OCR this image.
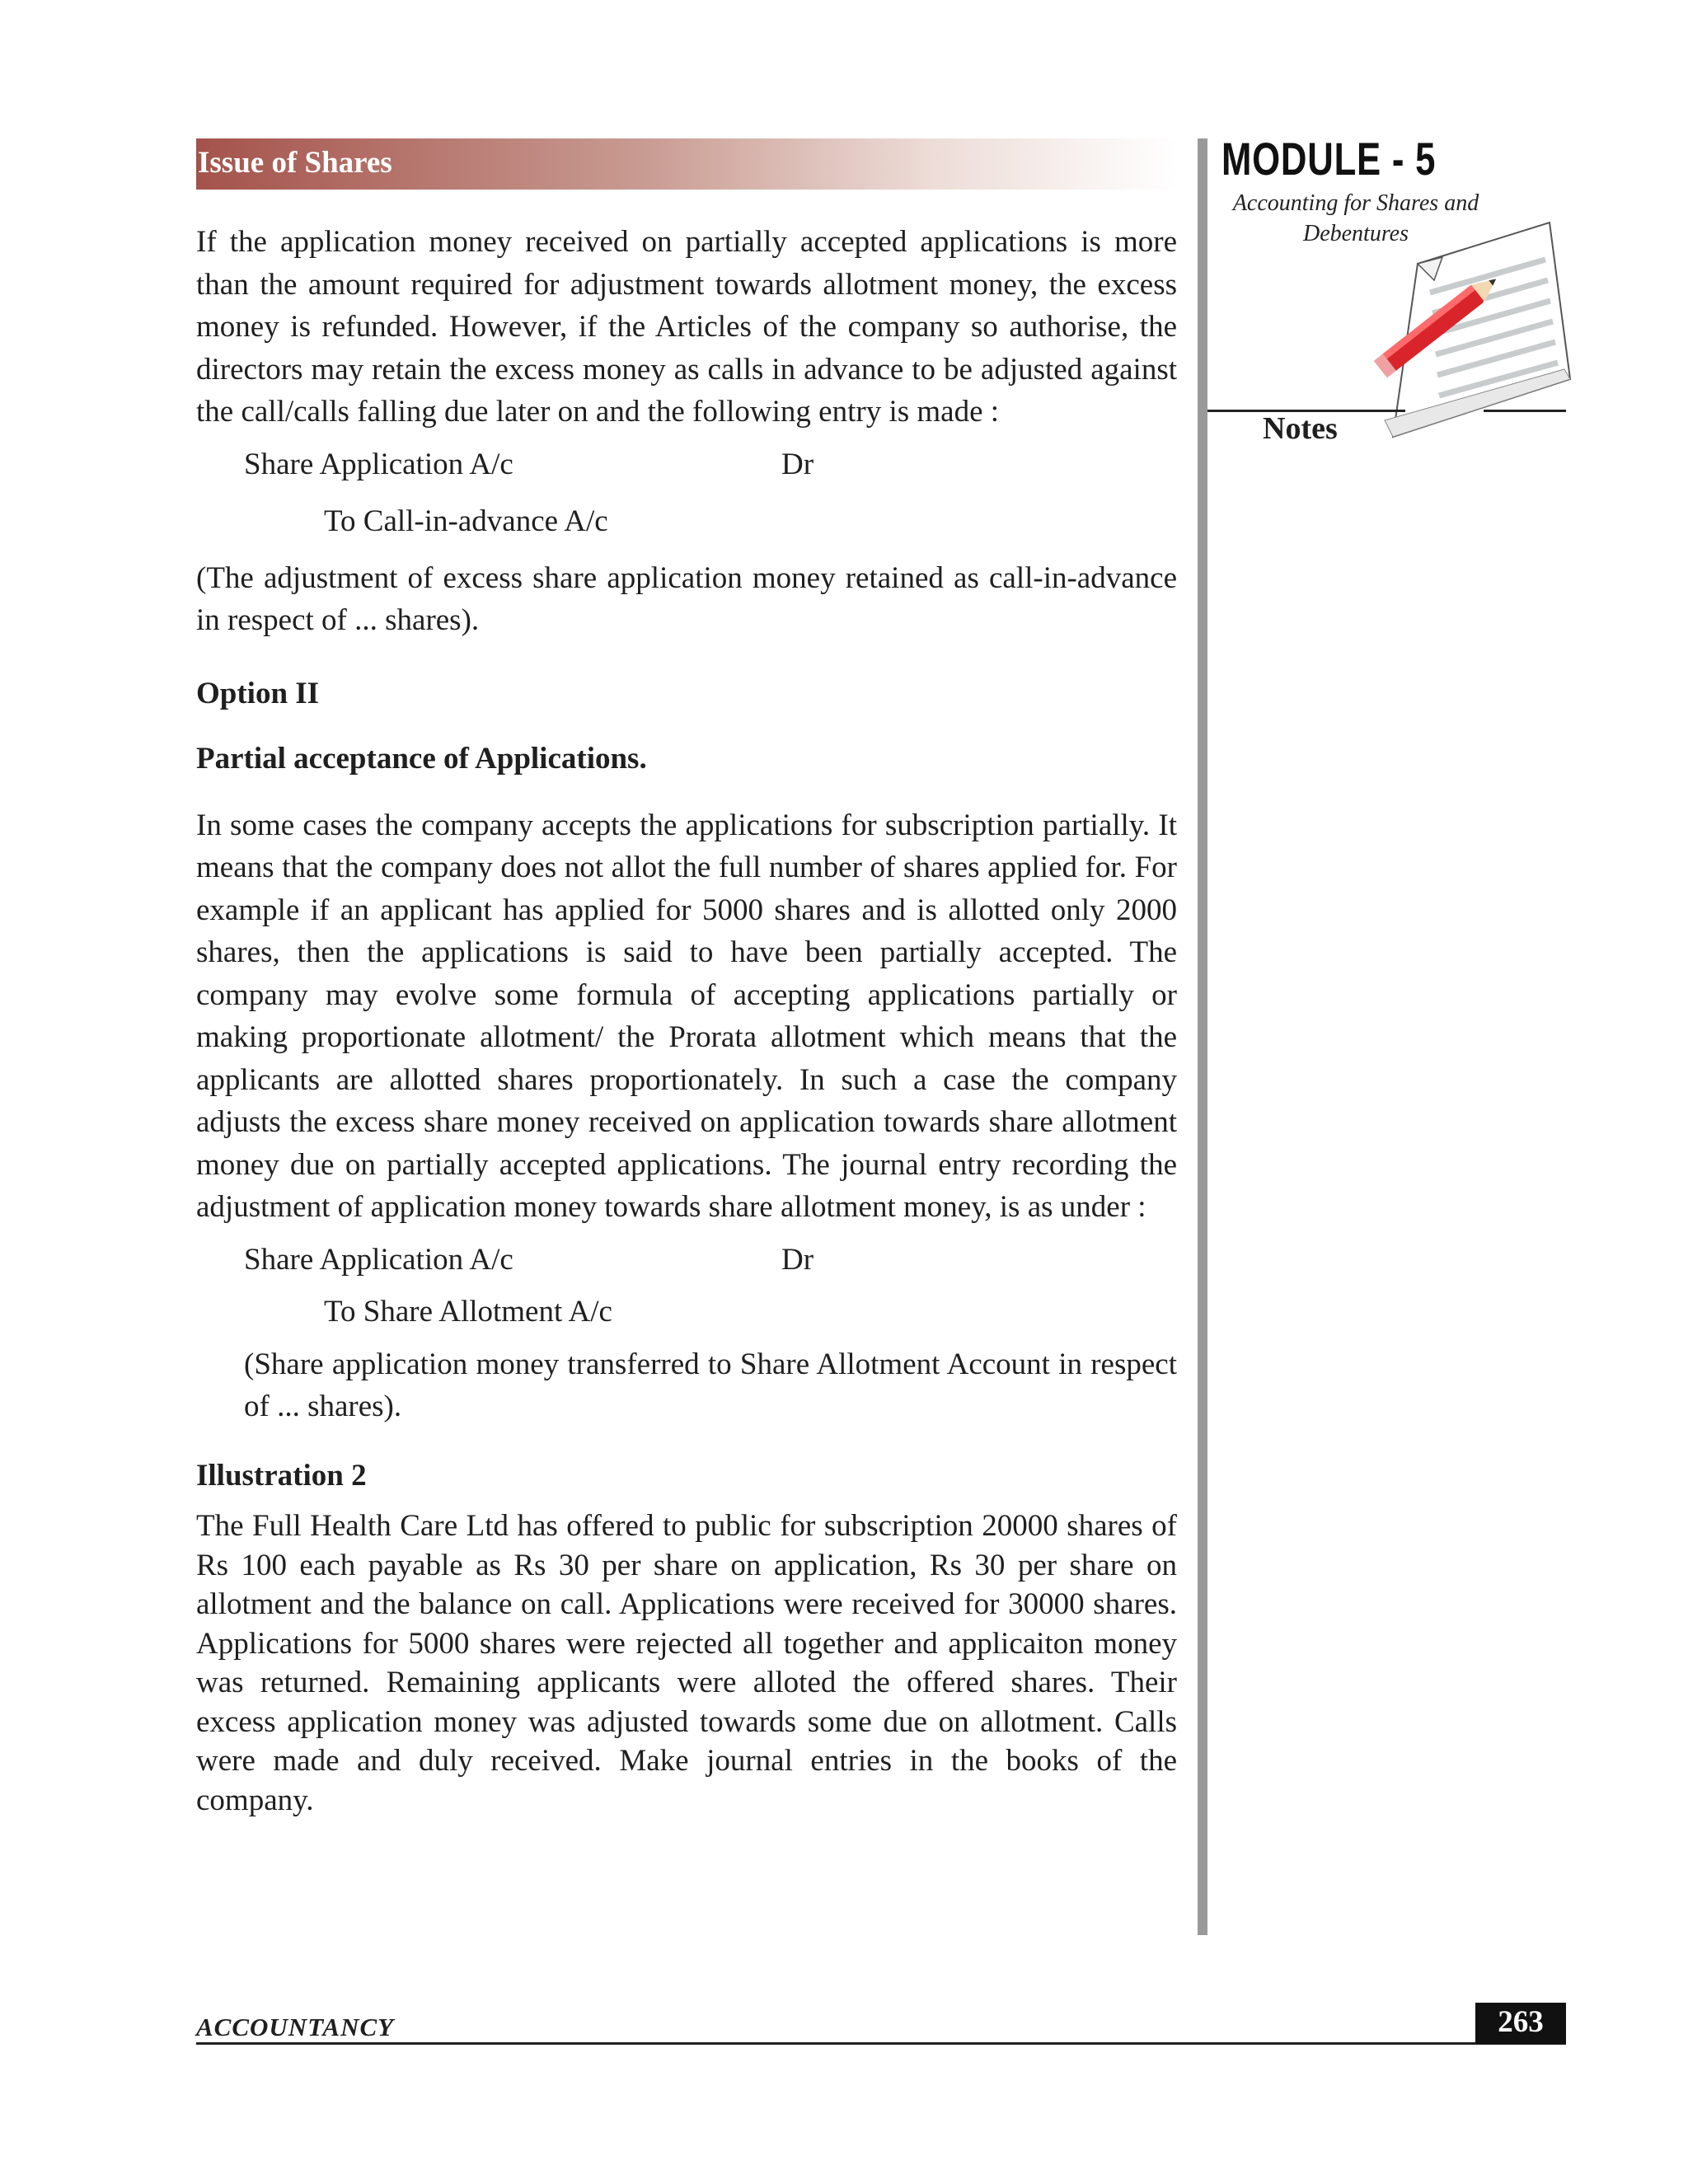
Issue of Shares	MODULE - 5
Accounting for Shares and
Debentures
Notes

If the application money received on partially accepted applications is more than the amount required for adjustment towards allotment money, the excess money is refunded. However, if the Articles of the company so authorise, the directors may retain the excess money as calls in advance to be adjusted against the call/calls falling due later on and the following entry is made :

Share Application A/c	Dr
To Call-in-advance A/c

(The adjustment of excess share application money retained as call-in-advance in respect of ... shares).

Option II

Partial acceptance of Applications.

In some cases the company accepts the applications for subscription partially. It means that the company does not allot the full number of shares applied for. For example if an applicant has applied for 5000 shares and is allotted only 2000 shares, then the applications is said to have been partially accepted. The company may evolve some formula of accepting applications partially or making proportionate allotment/ the Prorata allotment which means that the applicants are allotted shares proportionately. In such a case the company adjusts the excess share money received on application towards share allotment money due on partially accepted applications. The journal entry recording the adjustment of application money towards share allotment money, is as under :

Share Application A/c	Dr
To Share Allotment A/c

(Share application money transferred to Share Allotment Account in respect of ... shares).

Illustration 2

The Full Health Care Ltd has offered to public for subscription 20000 shares of Rs 100 each payable as Rs 30 per share on application, Rs 30 per share on allotment and the balance on call. Applications were received for 30000 shares. Applications for 5000 shares were rejected all together and applicaiton money was returned. Remaining applicants were alloted the offered shares. Their excess application money was adjusted towards some due on allotment. Calls were made and duly received. Make journal entries in the books of the company.

ACCOUNTANCY	263
